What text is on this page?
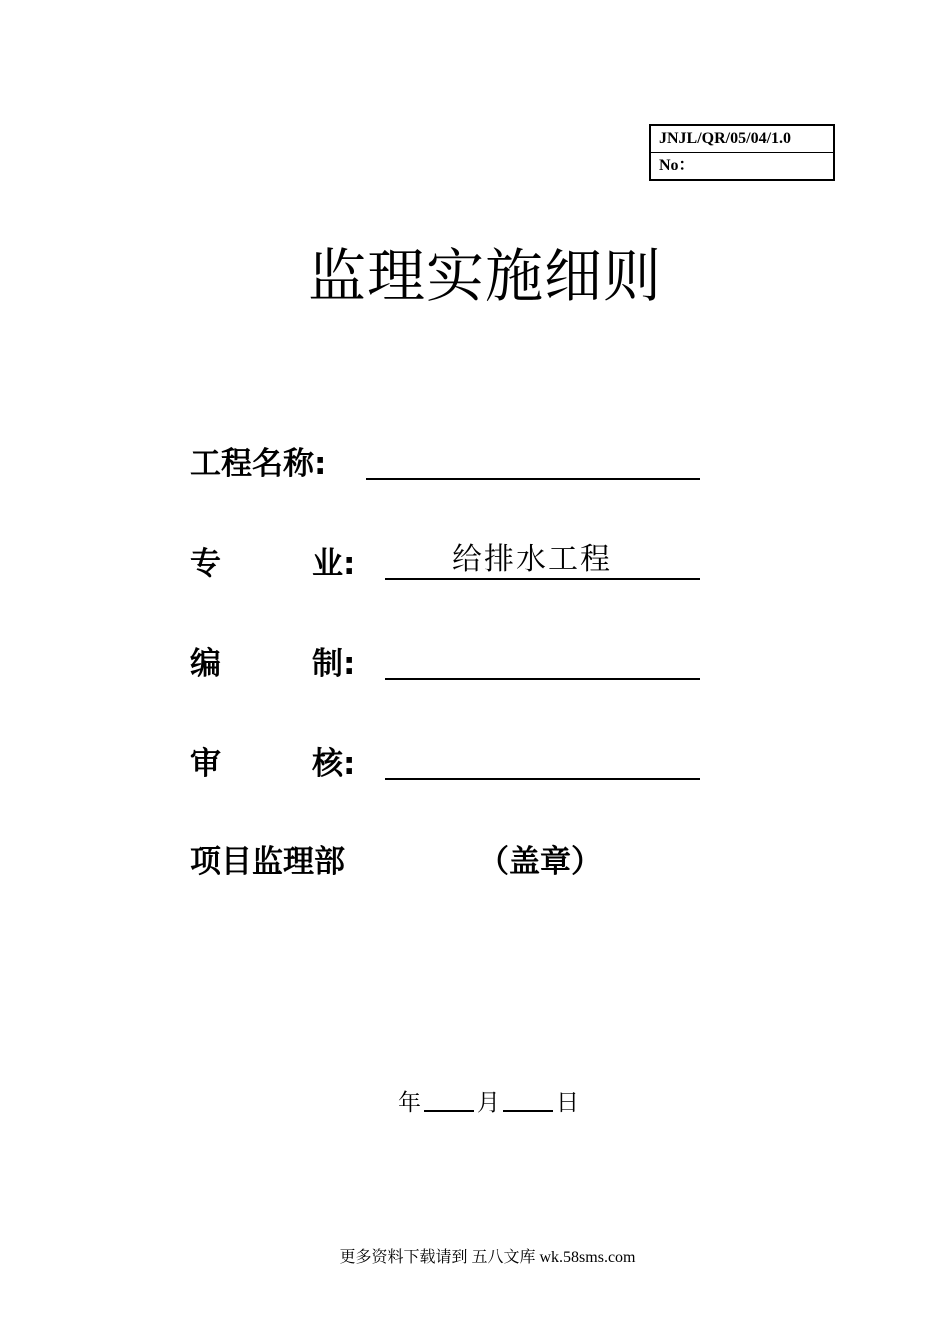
JNJL/QR/05/04/1.0
No：
监理实施细则
工程名称:
专	业:	给排水工程
编	制:
审	核:
项目监理部	（盖章）
年 月 日
更多资料下载请到 五八文库 wk.58sms.com
